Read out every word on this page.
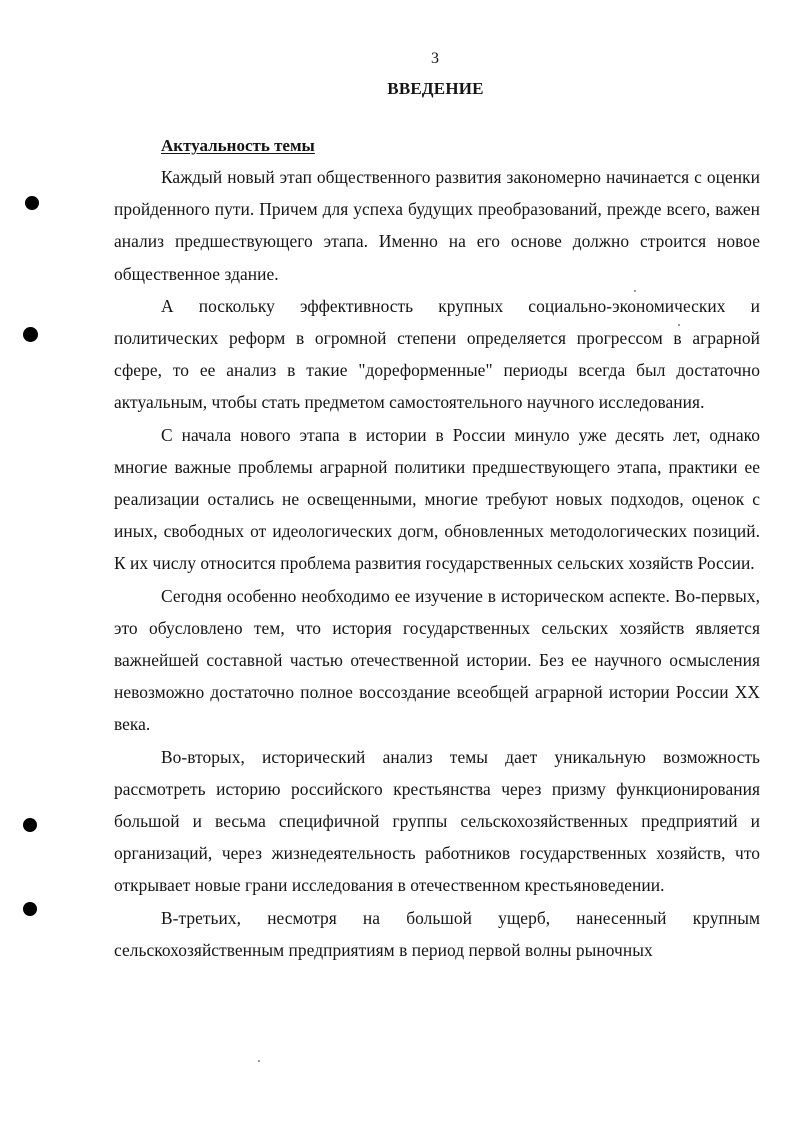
3
ВВЕДЕНИЕ
Актуальность темы

Каждый новый этап общественного развития закономерно начинается с оценки пройденного пути. Причем для успеха будущих преобразований, прежде всего, важен анализ предшествующего этапа. Именно на его основе должно строится новое общественное здание.

А поскольку эффективность крупных социально-экономических и политических реформ в огромной степени определяется прогрессом в аграрной сфере, то ее анализ в такие "дореформенные" периоды всегда был достаточно актуальным, чтобы стать предметом самостоятельного научного исследования.

С начала нового этапа в истории в России минуло уже десять лет, однако многие важные проблемы аграрной политики предшествующего этапа, практики ее реализации остались не освещенными, многие требуют новых подходов, оценок с иных, свободных от идеологических догм, обновленных методологических позиций. К их числу относится проблема развития государственных сельских хозяйств России.

Сегодня особенно необходимо ее изучение в историческом аспекте. Во-первых, это обусловлено тем, что история государственных сельских хозяйств является важнейшей составной частью отечественной истории. Без ее научного осмысления невозможно достаточно полное воссоздание всеобщей аграрной истории России XX века.

Во-вторых, исторический анализ темы дает уникальную возможность рассмотреть историю российского крестьянства через призму функционирования большой и весьма специфичной группы сельскохозяйственных предприятий и организаций, через жизнедеятельность работников государственных хозяйств, что открывает новые грани исследования в отечественном крестьяноведении.

В-третьих, несмотря на большой ущерб, нанесенный крупным сельскохозяйственным предприятиям в период первой волны рыночных
